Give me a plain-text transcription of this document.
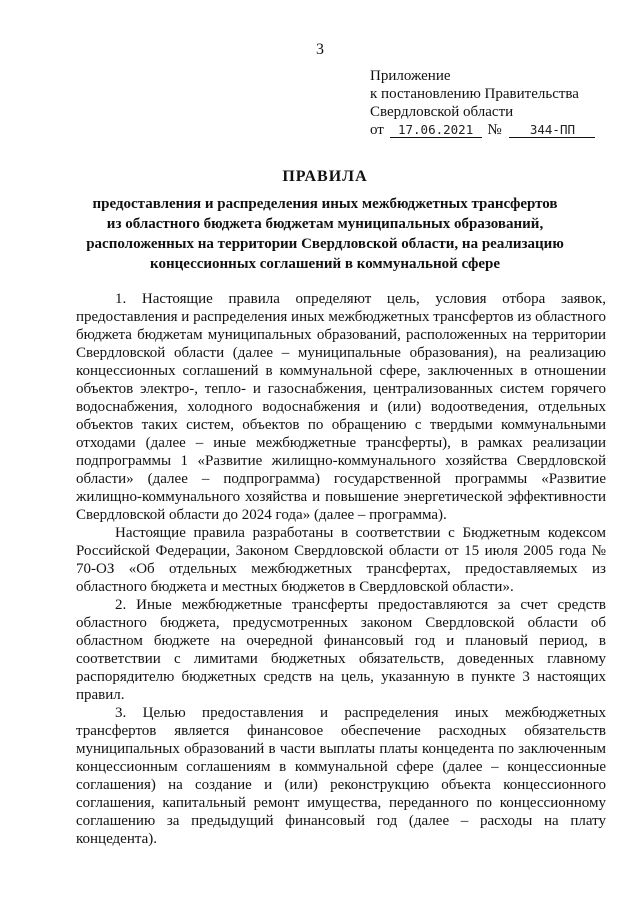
3
Приложение
к постановлению Правительства
Свердловской области
от 17.06.2021 № 344-ПП
ПРАВИЛА
предоставления и распределения иных межбюджетных трансфертов
из областного бюджета бюджетам муниципальных образований,
расположенных на территории Свердловской области, на реализацию
концессионных соглашений в коммунальной сфере

1. Настоящие правила определяют цель, условия отбора заявок, предоставления и распределения иных межбюджетных трансфертов из областного бюджета бюджетам муниципальных образований, расположенных на территории Свердловской области (далее – муниципальные образования), на реализацию концессионных соглашений в коммунальной сфере, заключенных в отношении объектов электро-, тепло- и газоснабжения, централизованных систем горячего водоснабжения, холодного водоснабжения и (или) водоотведения, отдельных объектов таких систем, объектов по обращению с твердыми коммунальными отходами (далее – иные межбюджетные трансферты), в рамках реализации подпрограммы 1 «Развитие жилищно-коммунального хозяйства Свердловской области» (далее – подпрограмма) государственной программы «Развитие жилищно-коммунального хозяйства и повышение энергетической эффективности Свердловской области до 2024 года» (далее – программа).

Настоящие правила разработаны в соответствии с Бюджетным кодексом Российской Федерации, Законом Свердловской области от 15 июля 2005 года № 70-ОЗ «Об отдельных межбюджетных трансфертах, предоставляемых из областного бюджета и местных бюджетов в Свердловской области».

2. Иные межбюджетные трансферты предоставляются за счет средств областного бюджета, предусмотренных законом Свердловской области об областном бюджете на очередной финансовый год и плановый период, в соответствии с лимитами бюджетных обязательств, доведенных главному распорядителю бюджетных средств на цель, указанную в пункте 3 настоящих правил.

3. Целью предоставления и распределения иных межбюджетных трансфертов является финансовое обеспечение расходных обязательств муниципальных образований в части выплаты платы концедента по заключенным концессионным соглашениям в коммунальной сфере (далее – концессионные соглашения) на создание и (или) реконструкцию объекта концессионного соглашения, капитальный ремонт имущества, переданного по концессионному соглашению за предыдущий финансовый год (далее – расходы на плату концедента).
